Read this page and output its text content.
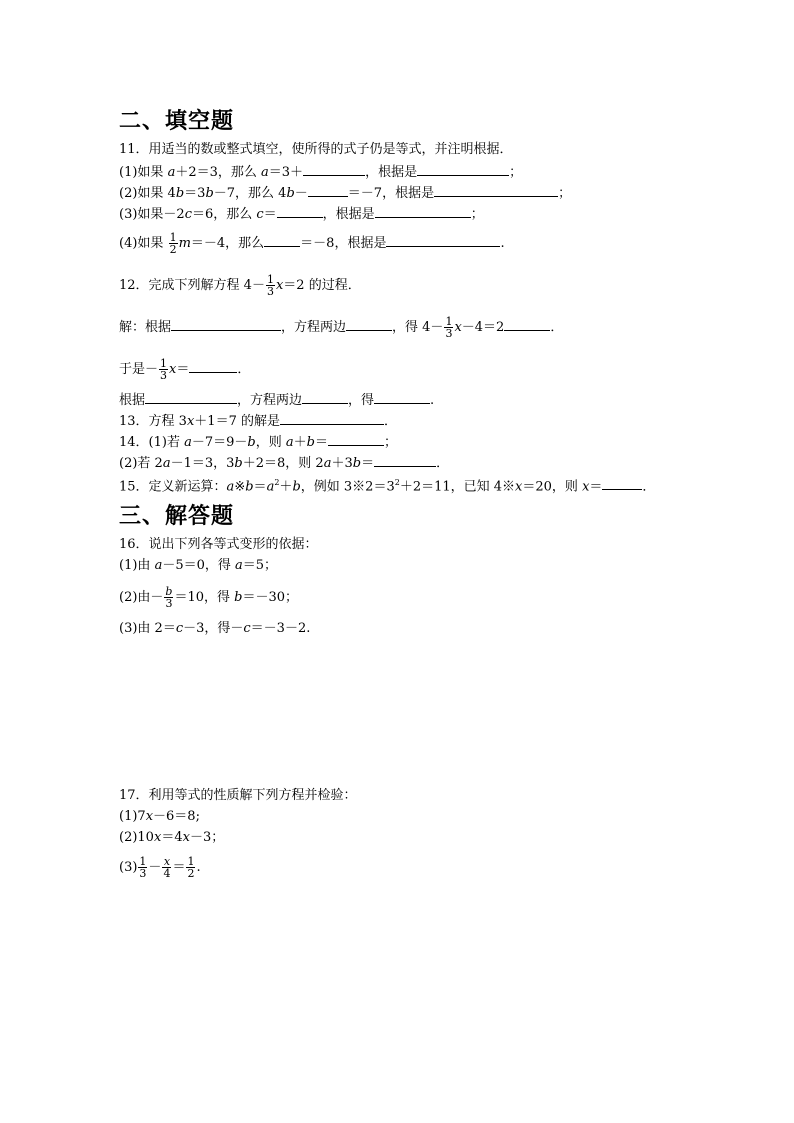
二、填空题
11．用适当的数或整式填空，使所得的式子仍是等式，并注明根据．
(1)如果 a＋2＝3，那么 a＝3＋	，根据是	；
(2)如果 4b＝3b－7，那么 4b－	＝－7，根据是	；
(3)如果－2c＝6，那么 c＝	，根据是	；
(4)如果 $\frac{1}{2} m=-4$，那么	＝－8，根据是	.
12．完成下列解方程 $4- \frac{1}{3} x=2$ 的过程．
解：根据	，方程两边	，得 $4- \frac{1}{3} x-4=2$	．
于是－ $\frac{1}{3} x=$	．
根据	，方程两边	，得	.
13．方程 3x＋1＝7 的解是	．
14．(1)若 a－7＝9－b，则 a＋b＝	；
(2)若 2a－1＝3，3b＋2＝8，则 2a＋3b＝	．
15．定义新运算：$a※b=a^2+b$，例如 $3※2=3^2+2=11$，已知 4※x＝20，则 x＝	．
三、解答题
16．说出下列各等式变形的依据：
(1)由 a－5＝0，得 a＝5；
(2)由－ $\frac{b}{3} =10$，得 b＝－30；
(3)由 2＝c－3，得－c＝－3－2.
17．利用等式的性质解下列方程并检验：
(1)7x－6＝8;
(2)10x＝4x－3；
$(3) \frac{1}{3} - \frac{x}{4} = \frac{1}{2}$ .
